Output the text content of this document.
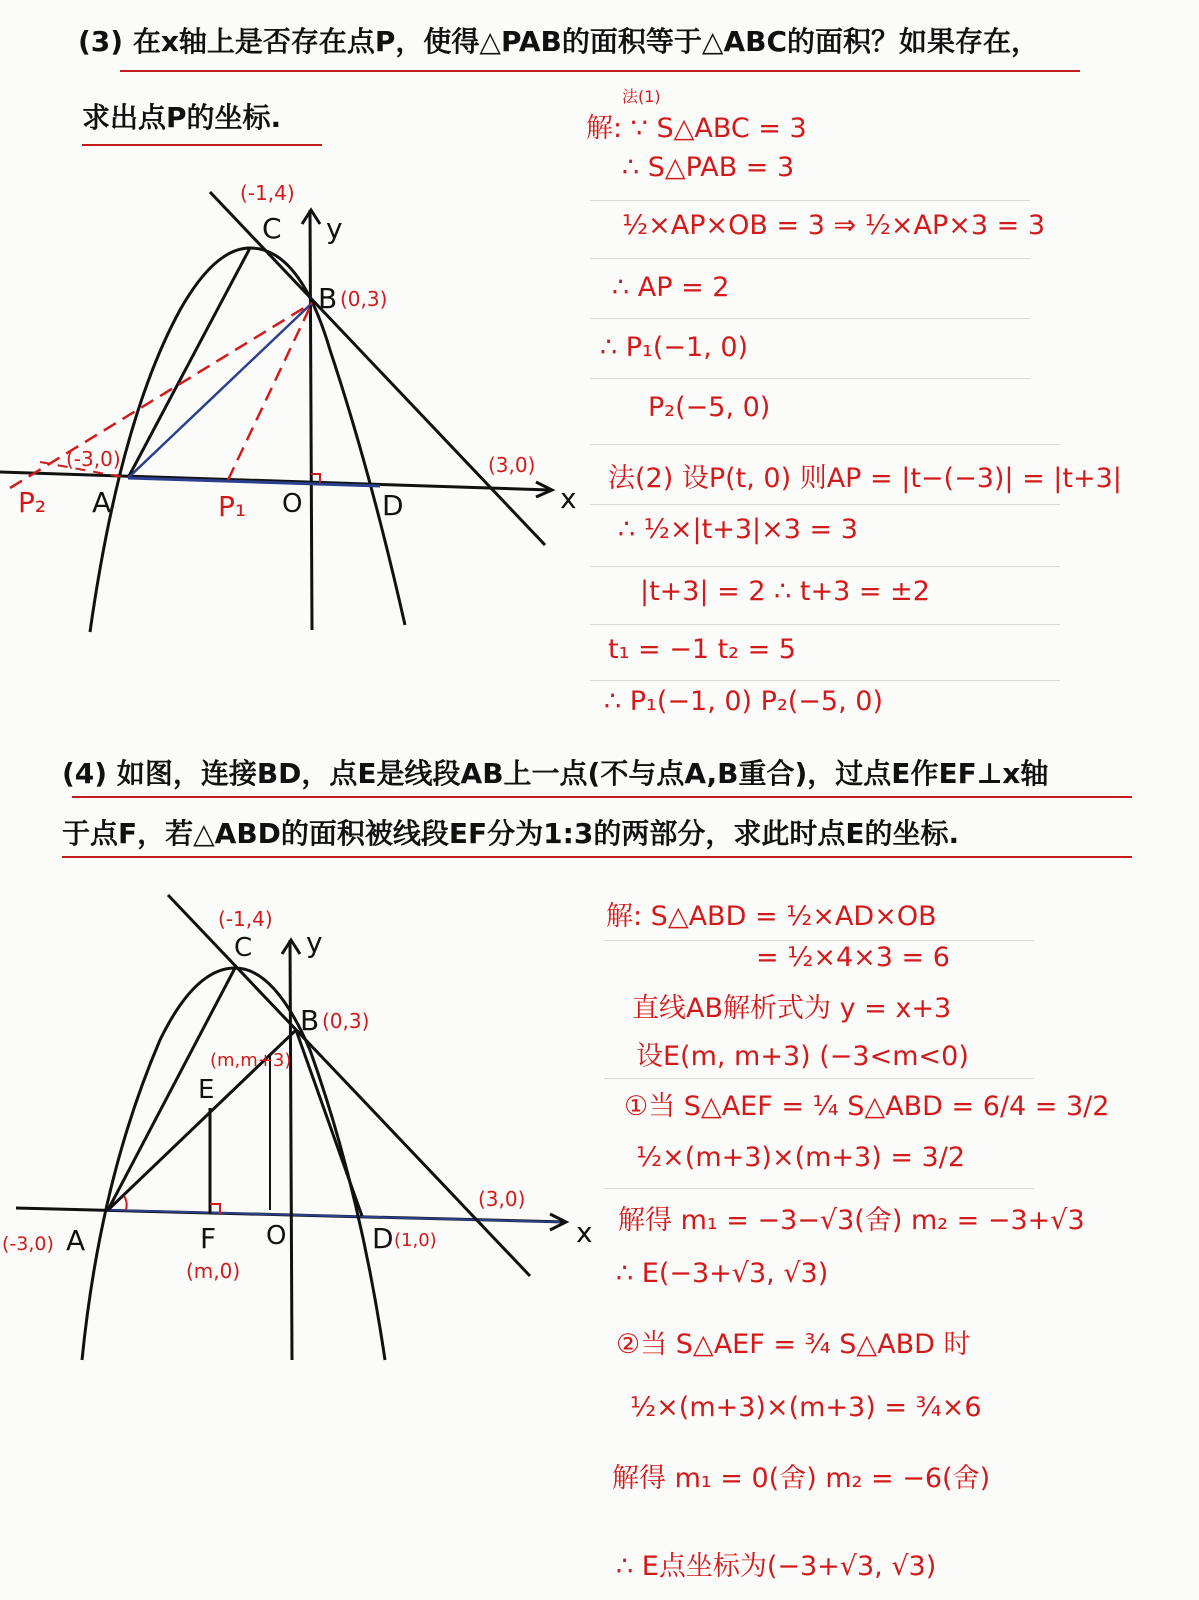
(3) 在x轴上是否存在点P，使得△PAB的面积等于△ABC的面积？如果存在，
求出点P的坐标.
(-1,4)
C y
B (0,3)
(-3,0)	(3,0)
P₂ A	P₁ O	D	x
法(1)
解: ∵ S△ABC = 3
∴ S△PAB = 3
½×AP×OB = 3 ⇒ ½×AP×3 = 3
∴ AP = 2
∴ P₁(−1, 0)
P₂(−5, 0)
法(2) 设P(t, 0) 则AP = |t−(−3)| = |t+3|
∴ ½×|t+3|×3 = 3
|t+3| = 2 ∴ t+3 = ±2
t₁ = −1 t₂ = 5
∴ P₁(−1, 0) P₂(−5, 0)
(4) 如图，连接BD，点E是线段AB上一点(不与点A,B重合)，过点E作EF⊥x轴
于点F，若△ABD的面积被线段EF分为1:3的两部分，求此时点E的坐标.
(-1,4)
C y
B (0,3)
(m,m+3)
E
(-3,0) A	F
(m,0)
O	D (1,0)
(3,0)
x
解: S△ABD = ½×AD×OB
= ½×4×3 = 6
直线AB解析式为 y = x+3
设E(m, m+3) (−3<m<0)
①当 S△AEF = ¼ S△ABD = 6/4 = 3/2
½×(m+3)×(m+3) = 3/2
解得 m₁ = −3−√3(舍) m₂ = −3+√3
∴ E(−3+√3, √3)
②当 S△AEF = ¾ S△ABD 时
½×(m+3)×(m+3) = ¾×6
解得 m₁ = 0(舍) m₂ = −6(舍)
∴ E点坐标为(−3+√3, √3)
